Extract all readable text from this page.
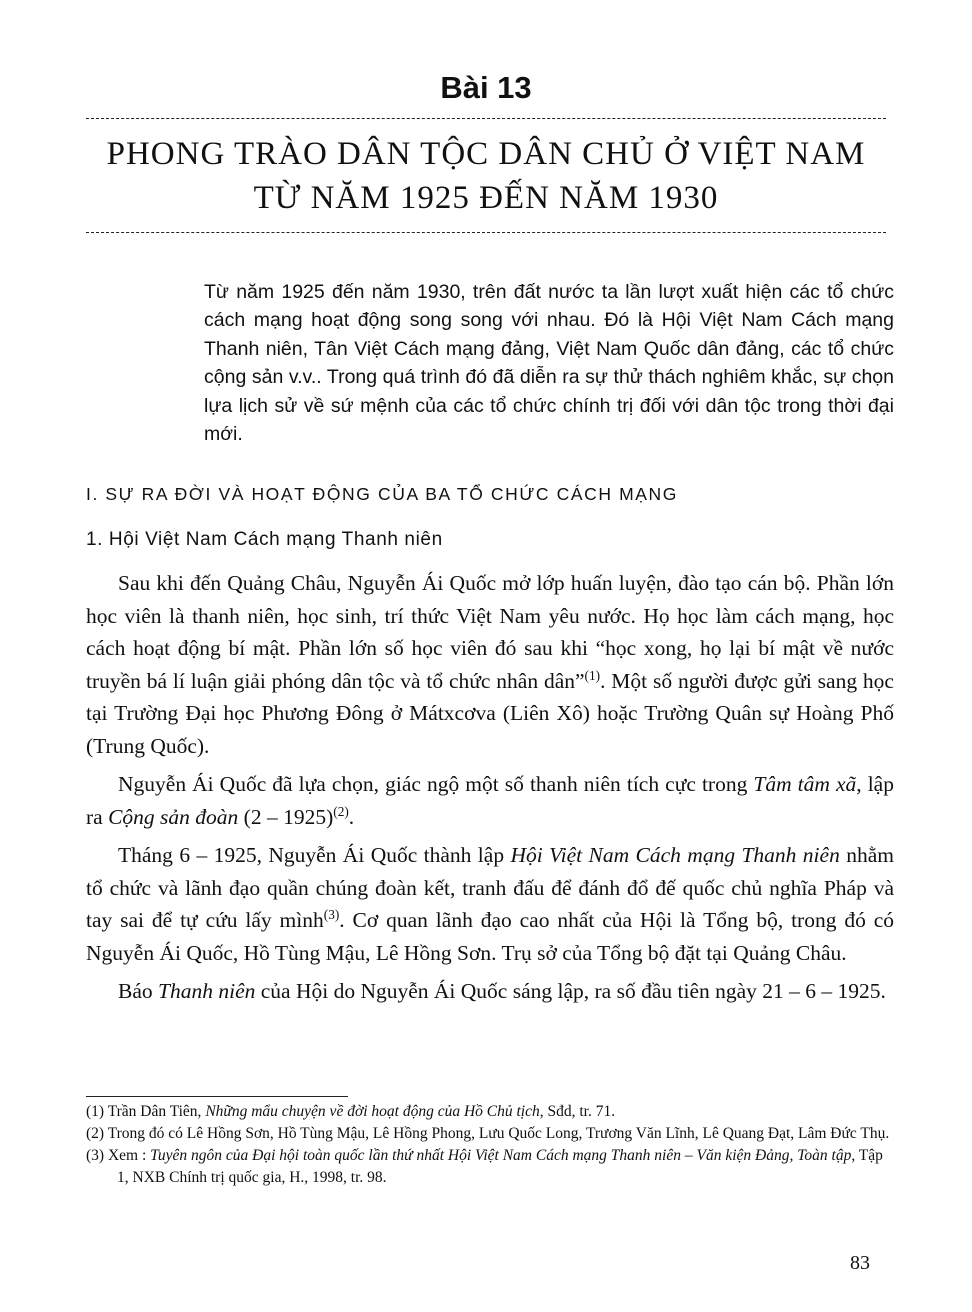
Bài 13
PHONG TRÀO DÂN TỘC DÂN CHỦ Ở VIỆT NAM
TỪ NĂM 1925 ĐẾN NĂM 1930
Từ năm 1925 đến năm 1930, trên đất nước ta lần lượt xuất hiện các tổ chức cách mạng hoạt động song song với nhau. Đó là Hội Việt Nam Cách mạng Thanh niên, Tân Việt Cách mạng đảng, Việt Nam Quốc dân đảng, các tổ chức cộng sản v.v.. Trong quá trình đó đã diễn ra sự thử thách nghiêm khắc, sự chọn lựa lịch sử về sứ mệnh của các tổ chức chính trị đối với dân tộc trong thời đại mới.
I. SỰ RA ĐỜI VÀ HOẠT ĐỘNG CỦA BA TỔ CHỨC CÁCH MẠNG
1. Hội Việt Nam Cách mạng Thanh niên

Sau khi đến Quảng Châu, Nguyễn Ái Quốc mở lớp huấn luyện, đào tạo cán bộ. Phần lớn học viên là thanh niên, học sinh, trí thức Việt Nam yêu nước. Họ học làm cách mạng, học cách hoạt động bí mật. Phần lớn số học viên đó sau khi “học xong, họ lại bí mật về nước truyền bá lí luận giải phóng dân tộc và tổ chức nhân dân”$^{(1)}$. Một số người được gửi sang học tại Trường Đại học Phương Đông ở Mátxcơva (Liên Xô) hoặc Trường Quân sự Hoàng Phố (Trung Quốc).

Nguyễn Ái Quốc đã lựa chọn, giác ngộ một số thanh niên tích cực trong Tâm tâm xã, lập ra Cộng sản đoàn (2 – 1925)$^{(2)}$.

Tháng 6 – 1925, Nguyễn Ái Quốc thành lập Hội Việt Nam Cách mạng Thanh niên nhằm tổ chức và lãnh đạo quần chúng đoàn kết, tranh đấu để đánh đổ đế quốc chủ nghĩa Pháp và tay sai để tự cứu lấy mình$^{(3)}$. Cơ quan lãnh đạo cao nhất của Hội là Tổng bộ, trong đó có Nguyễn Ái Quốc, Hồ Tùng Mậu, Lê Hồng Sơn. Trụ sở của Tổng bộ đặt tại Quảng Châu.

Báo Thanh niên của Hội do Nguyễn Ái Quốc sáng lập, ra số đầu tiên ngày 21 – 6 – 1925.

(1) Trần Dân Tiên, Những mẩu chuyện về đời hoạt động của Hồ Chủ tịch, Sđd, tr. 71.

(2) Trong đó có Lê Hồng Sơn, Hồ Tùng Mậu, Lê Hồng Phong, Lưu Quốc Long, Trương Văn Lĩnh, Lê Quang Đạt, Lâm Đức Thụ.

(3) Xem : Tuyên ngôn của Đại hội toàn quốc lần thứ nhất Hội Việt Nam Cách mạng Thanh niên – Văn kiện Đảng, Toàn tập, Tập 1, NXB Chính trị quốc gia, H., 1998, tr. 98.

83
